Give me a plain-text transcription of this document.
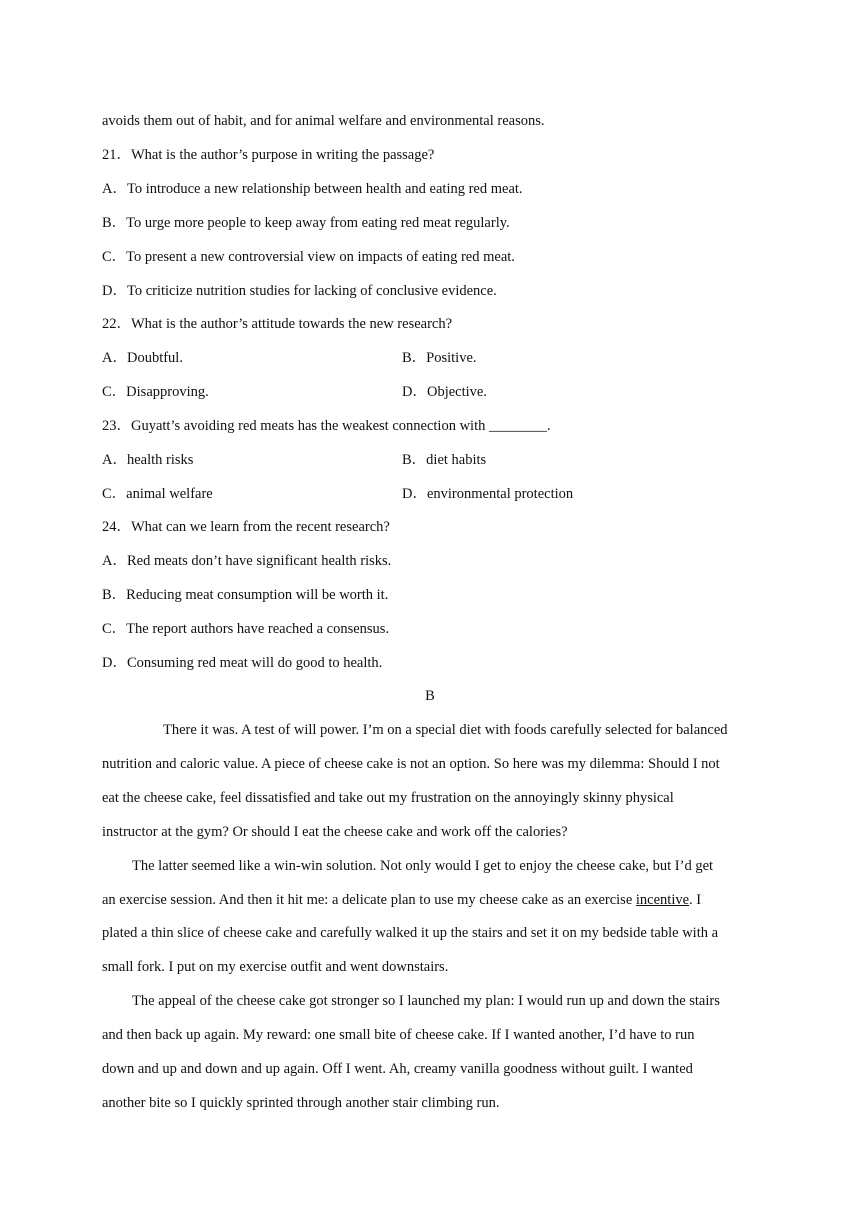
avoids them out of habit, and for animal welfare and environmental reasons.
21．What is the author’s purpose in writing the passage?
A．To introduce a new relationship between health and eating red meat.
B．To urge more people to keep away from eating red meat regularly.
C．To present a new controversial view on impacts of eating red meat.
D．To criticize nutrition studies for lacking of conclusive evidence.
22．What is the author’s attitude towards the new research?
A．Doubtful.	B．Positive.
C．Disapproving.	D．Objective.
23．Guyatt’s avoiding red meats has the weakest connection with ________.
A．health risks	B．diet habits
C．animal welfare	D．environmental protection
24．What can we learn from the recent research?
A．Red meats don’t have significant health risks.
B．Reducing meat consumption will be worth it.
C．The report authors have reached a consensus.
D．Consuming red meat will do good to health.
B
There it was. A test of will power. I’m on a special diet with foods carefully selected for balanced
nutrition and caloric value. A piece of cheese cake is not an option. So here was my dilemma: Should I not
eat the cheese cake, feel dissatisfied and take out my frustration on the annoyingly skinny physical
instructor at the gym? Or should I eat the cheese cake and work off the calories?
The latter seemed like a win-win solution. Not only would I get to enjoy the cheese cake, but I’d get
an exercise session. And then it hit me: a delicate plan to use my cheese cake as an exercise incentive. I
plated a thin slice of cheese cake and carefully walked it up the stairs and set it on my bedside table with a
small fork. I put on my exercise outfit and went downstairs.
The appeal of the cheese cake got stronger so I launched my plan: I would run up and down the stairs
and then back up again. My reward: one small bite of cheese cake. If I wanted another, I’d have to run
down and up and down and up again. Off I went. Ah, creamy vanilla goodness without guilt. I wanted
another bite so I quickly sprinted through another stair climbing run.
